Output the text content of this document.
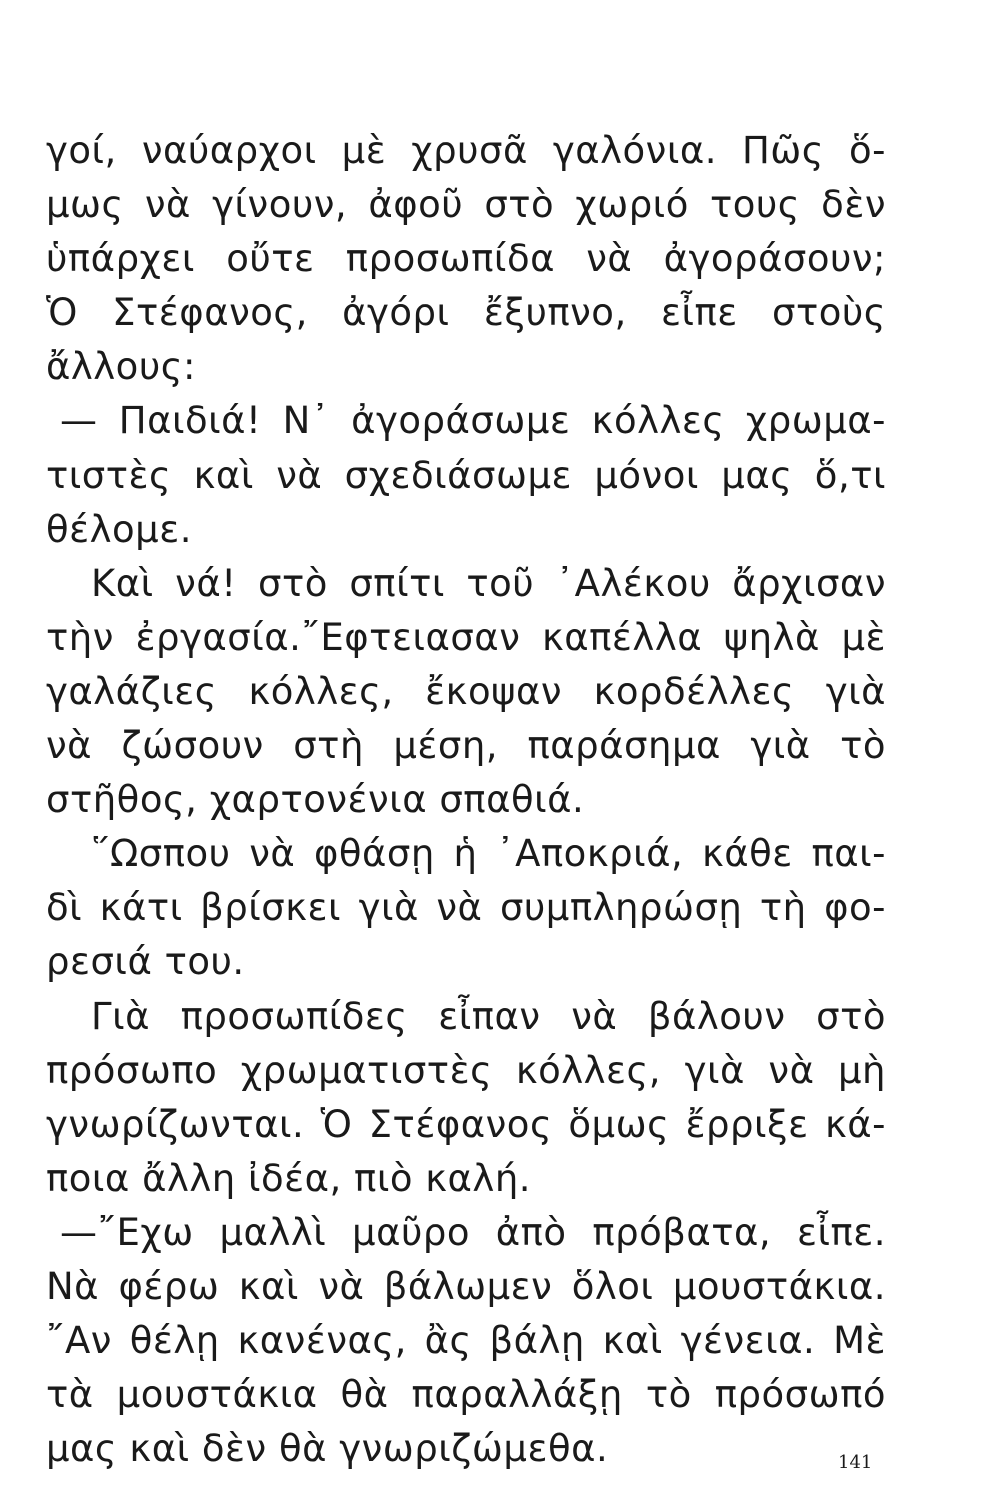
γοί, ναύαρχοι μὲ χρυσᾶ γαλόνια. Πῶς ὅ-
μως νὰ γίνουν, ἀφοῦ στὸ χωριό τους δὲν
ὑπάρχει οὔτε προσωπίδα νὰ ἀγοράσουν;
Ὁ Στέφανος, ἀγόρι ἔξυπνο, εἶπε στοὺς
ἄλλους:
— Παιδιά! Ν᾽ ἀγοράσωμε κόλλες χρωμα-
τιστὲς καὶ νὰ σχεδιάσωμε μόνοι μας ὅ,τι
θέλομε.
Καὶ νά! στὸ σπίτι τοῦ ᾽Αλέκου ἄρχισαν
τὴν ἐργασία.῎Εφτειασαν καπέλλα ψηλὰ μὲ
γαλάζιες κόλλες, ἔκοψαν κορδέλλες γιὰ
νὰ ζώσουν στὴ μέση, παράσημα γιὰ τὸ
στῆθος, χαρτονένια σπαθιά.
῞Ωσπου νὰ φθάσῃ ἡ ᾽Αποκριά, κάθε παι-
δὶ κάτι βρίσκει γιὰ νὰ συμπληρώσῃ τὴ φο-
ρεσιά του.
Γιὰ προσωπίδες εἶπαν νὰ βάλουν στὸ
πρόσωπο χρωματιστὲς κόλλες, γιὰ νὰ μὴ
γνωρίζωνται. Ὁ Στέφανος ὅμως ἔρριξε κά-
ποια ἄλλη ἰδέα, πιὸ καλή.
—῎Εχω μαλλὶ μαῦρο ἀπὸ πρόβατα, εἶπε.
Νὰ φέρω καὶ νὰ βάλωμεν ὅλοι μουστάκια.
῎Αν θέλῃ κανένας, ἂς βάλῃ καὶ γένεια. Μὲ
τὰ μουστάκια θὰ παραλλάξῃ τὸ πρόσωπό
μας καὶ δὲν θὰ γνωριζώμεθα.	141
